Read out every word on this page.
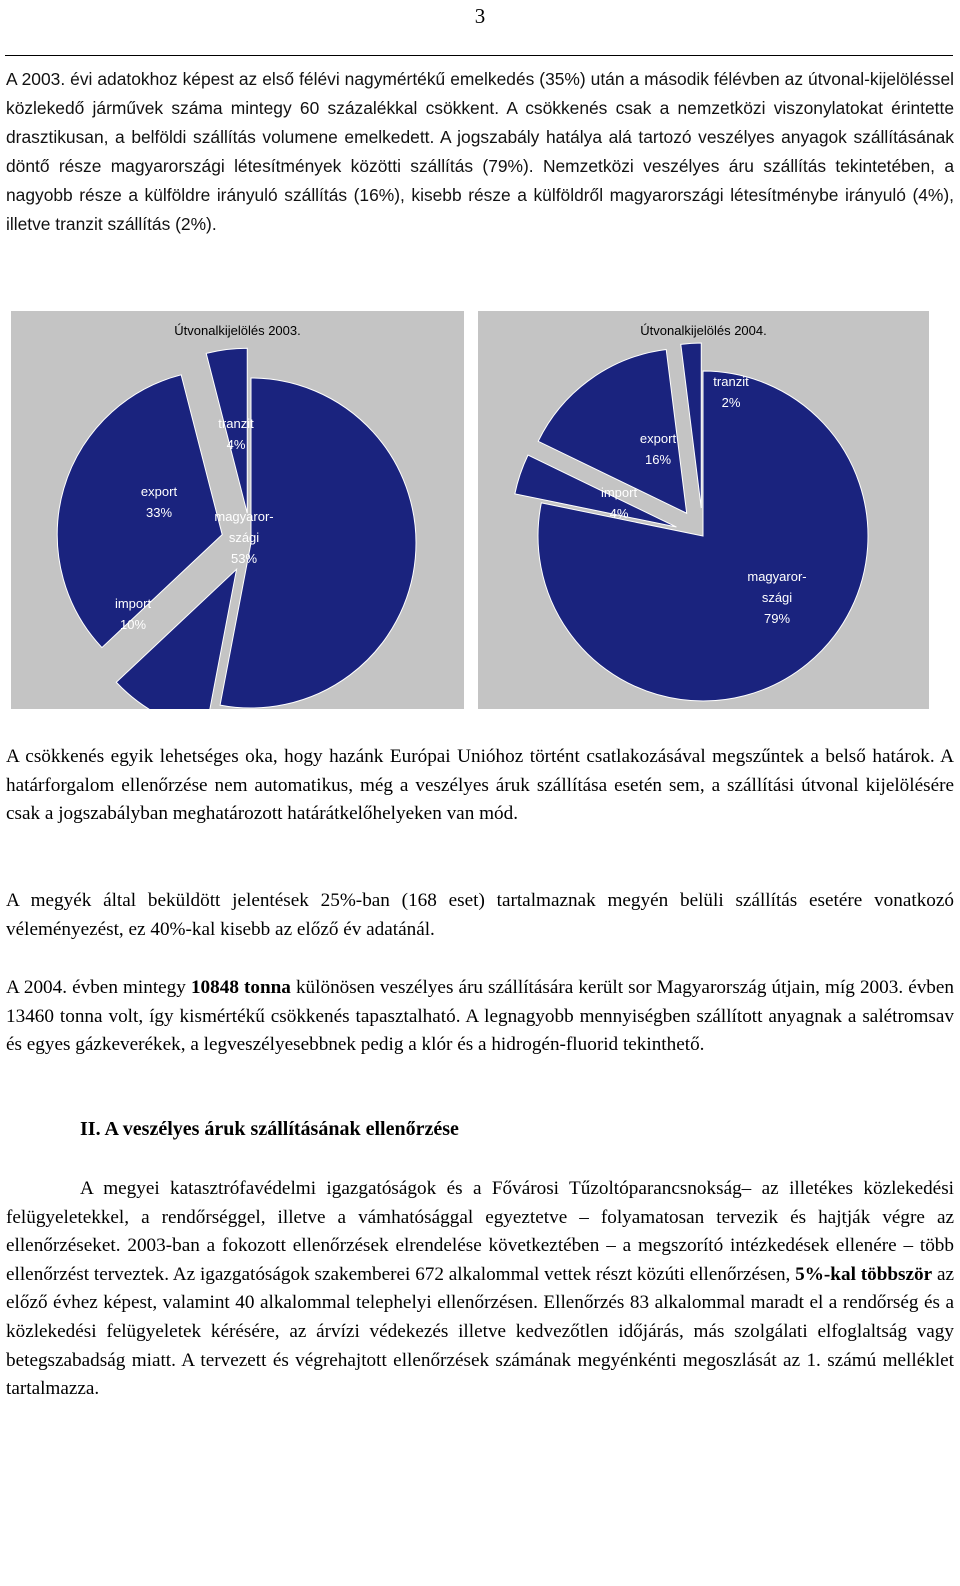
3

A 2003. évi adatokhoz képest az első félévi nagymértékű emelkedés (35%) után a második félévben az útvonal-kijelöléssel közlekedő járművek száma mintegy 60 százalékkal csökkent. A csökkenés csak a nemzetközi viszonylatokat érintette drasztikusan, a belföldi szállítás volumene emelkedett. A jogszabály hatálya alá tartozó veszélyes anyagok szállításának döntő része magyarországi létesítmények közötti szállítás (79%). Nemzetközi veszélyes áru szállítás tekintetében, a nagyobb része a külföldre irányuló szállítás (16%), kisebb része a külföldről magyarországi létesítménybe irányuló (4%), illetve tranzit szállítás (2%).

Útvonalkijelölés 2003.
magyaror-szági 53%
import 10%
export 33%
tranzit 4%
Útvonalkijelölés 2004.
magyaror-szági 79%
import 4%
export 16%
tranzit 2%

A csökkenés egyik lehetséges oka, hogy hazánk Európai Unióhoz történt csatlakozásával megszűntek a belső határok. A határforgalom ellenőrzése nem automatikus, még a veszélyes áruk szállítása esetén sem, a szállítási útvonal kijelölésére csak a jogszabályban meghatározott határátkelőhelyeken van mód.

A megyék által beküldött jelentések 25%-ban (168 eset) tartalmaznak megyén belüli szállítás esetére vonatkozó véleményezést, ez 40%-kal kisebb az előző év adatánál.

A 2004. évben mintegy 10848 tonna különösen veszélyes áru szállítására került sor Magyarország útjain, míg 2003. évben 13460 tonna volt, így kismértékű csökkenés tapasztalható. A legnagyobb mennyiségben szállított anyagnak a salétromsav és egyes gázkeverékek, a legveszélyesebbnek pedig a klór és a hidrogén-fluorid tekinthető.

II. A veszélyes áruk szállításának ellenőrzése

A megyei katasztrófavédelmi igazgatóságok és a Fővárosi Tűzoltóparancsnokság– az illetékes közlekedési felügyeletekkel, a rendőrséggel, illetve a vámhatósággal egyeztetve – folyamatosan tervezik és hajtják végre az ellenőrzéseket. 2003-ban a fokozott ellenőrzések elrendelése következtében – a megszorító intézkedések ellenére – több ellenőrzést terveztek. Az igazgatóságok szakemberei 672 alkalommal vettek részt közúti ellenőrzésen, 5%-kal többször az előző évhez képest, valamint 40 alkalommal telephelyi ellenőrzésen. Ellenőrzés 83 alkalommal maradt el a rendőrség és a közlekedési felügyeletek kérésére, az árvízi védekezés illetve kedvezőtlen időjárás, más szolgálati elfoglaltság vagy betegszabadság miatt. A tervezett és végrehajtott ellenőrzések számának megyénkénti megoszlását az 1. számú melléklet tartalmazza.
